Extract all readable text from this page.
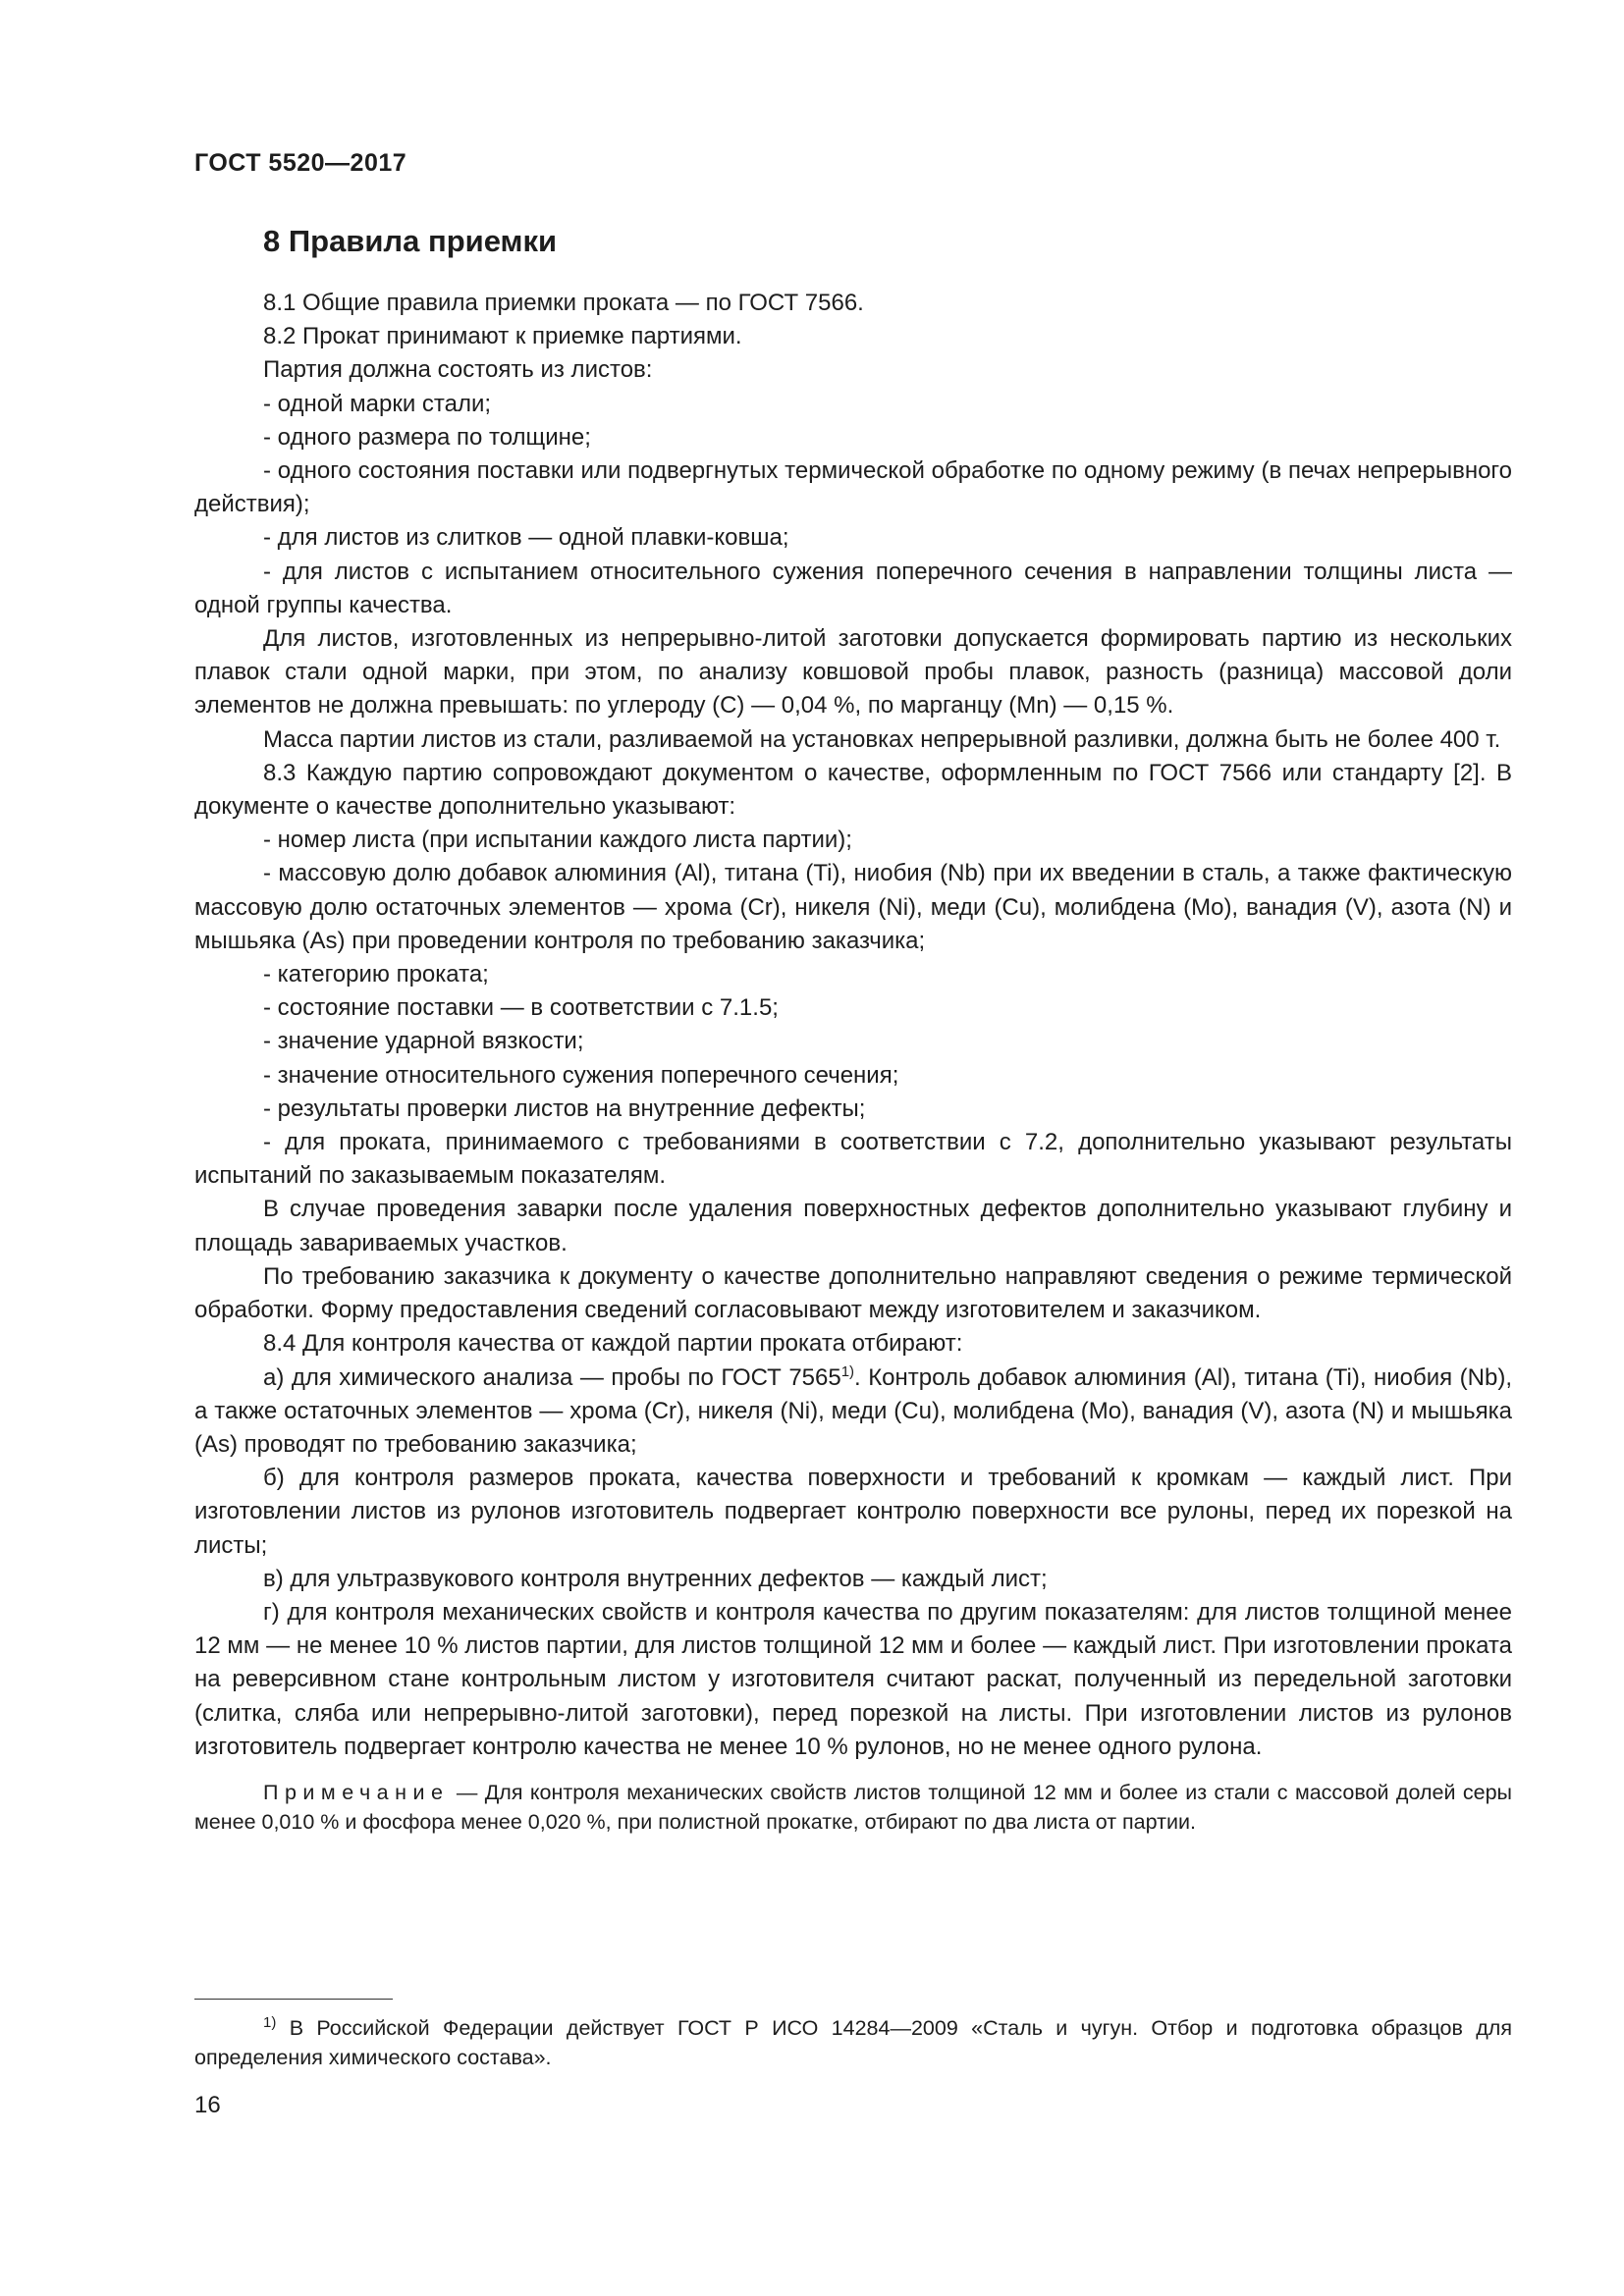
ГОСТ 5520—2017
8 Правила приемки

8.1 Общие правила приемки проката — по ГОСТ 7566.

8.2 Прокат принимают к приемке партиями.

Партия должна состоять из листов:

- одной марки стали;

- одного размера по толщине;

- одного состояния поставки или подвергнутых термической обработке по одному режиму (в печах непрерывного действия);

- для листов из слитков — одной плавки-ковша;

- для листов с испытанием относительного сужения поперечного сечения в направлении толщины листа — одной группы качества.

Для листов, изготовленных из непрерывно-литой заготовки допускается формировать партию из нескольких плавок стали одной марки, при этом, по анализу ковшовой пробы плавок, разность (разница) массовой доли элементов не должна превышать: по углероду (С) — 0,04 %, по марганцу (Mn) — 0,15 %.

Масса партии листов из стали, разливаемой на установках непрерывной разливки, должна быть не более 400 т.

8.3 Каждую партию сопровождают документом о качестве, оформленным по ГОСТ 7566 или стандарту [2]. В документе о качестве дополнительно указывают:

- номер листа (при испытании каждого листа партии);

- массовую долю добавок алюминия (Al), титана (Ti), ниобия (Nb) при их введении в сталь, а также фактическую массовую долю остаточных элементов — хрома (Cr), никеля (Ni), меди (Cu), молибдена (Mo), ванадия (V), азота (N) и мышьяка (As) при проведении контроля по требованию заказчика;

- категорию проката;

- состояние поставки — в соответствии с 7.1.5;

- значение ударной вязкости;

- значение относительного сужения поперечного сечения;

- результаты проверки листов на внутренние дефекты;

- для проката, принимаемого с требованиями в соответствии с 7.2, дополнительно указывают результаты испытаний по заказываемым показателям.

В случае проведения заварки после удаления поверхностных дефектов дополнительно указывают глубину и площадь завариваемых участков.

По требованию заказчика к документу о качестве дополнительно направляют сведения о режиме термической обработки. Форму предоставления сведений согласовывают между изготовителем и заказчиком.

8.4 Для контроля качества от каждой партии проката отбирают:

а) для химического анализа — пробы по ГОСТ 7565$^{1)}$. Контроль добавок алюминия (Al), титана (Ti), ниобия (Nb), а также остаточных элементов — хрома (Cr), никеля (Ni), меди (Cu), молибдена (Mo), ванадия (V), азота (N) и мышьяка (As) проводят по требованию заказчика;

б) для контроля размеров проката, качества поверхности и требований к кромкам — каждый лист. При изготовлении листов из рулонов изготовитель подвергает контролю поверхности все рулоны, перед их порезкой на листы;

в) для ультразвукового контроля внутренних дефектов — каждый лист;

г) для контроля механических свойств и контроля качества по другим показателям: для листов толщиной менее 12 мм — не менее 10 % листов партии, для листов толщиной 12 мм и более — каждый лист. При изготовлении проката на реверсивном стане контрольным листом у изготовителя считают раскат, полученный из передельной заготовки (слитка, сляба или непрерывно-литой заготовки), перед порезкой на листы. При изготовлении листов из рулонов изготовитель подвергает контролю качества не менее 10 % рулонов, но не менее одного рулона.

Примечание — Для контроля механических свойств листов толщиной 12 мм и более из стали с массовой долей серы менее 0,010 % и фосфора менее 0,020 %, при полистной прокатке, отбирают по два листа от партии.

$^{1)}$ В Российской Федерации действует ГОСТ Р ИСО 14284—2009 «Сталь и чугун. Отбор и подготовка образцов для определения химического состава».
16
